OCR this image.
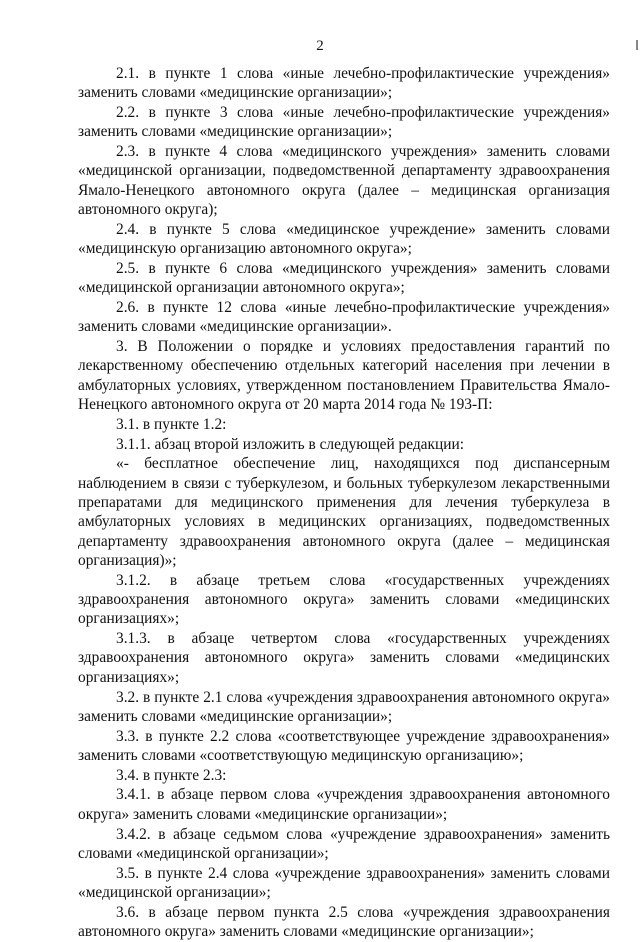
2

2.1. в пункте 1 слова «иные лечебно-профилактические учреждения» заменить словами «медицинские организации»;

2.2. в пункте 3 слова «иные лечебно-профилактические учреждения» заменить словами «медицинские организации»;

2.3. в пункте 4 слова «медицинского учреждения» заменить словами «медицинской организации, подведомственной департаменту здравоохранения Ямало-Ненецкого автономного округа (далее – медицинская организация автономного округа);

2.4. в пункте 5 слова «медицинское учреждение» заменить словами «медицинскую организацию автономного округа»;

2.5. в пункте 6 слова «медицинского учреждения» заменить словами «медицинской организации автономного округа»;

2.6. в пункте 12 слова «иные лечебно-профилактические учреждения» заменить словами «медицинские организации».

3. В Положении о порядке и условиях предоставления гарантий по лекарственному обеспечению отдельных категорий населения при лечении в амбулаторных условиях, утвержденном постановлением Правительства Ямало-Ненецкого автономного округа от 20 марта 2014 года № 193-П:

3.1. в пункте 1.2:

3.1.1. абзац второй изложить в следующей редакции:

«- бесплатное обеспечение лиц, находящихся под диспансерным наблюдением в связи с туберкулезом, и больных туберкулезом лекарственными препаратами для медицинского применения для лечения туберкулеза в амбулаторных условиях в медицинских организациях, подведомственных департаменту здравоохранения автономного округа (далее – медицинская организация)»;

3.1.2. в абзаце третьем слова «государственных учреждениях здравоохранения автономного округа» заменить словами «медицинских организациях»;

3.1.3. в абзаце четвертом слова «государственных учреждениях здравоохранения автономного округа» заменить словами «медицинских организациях»;

3.2. в пункте 2.1 слова «учреждения здравоохранения автономного округа» заменить словами «медицинские организации»;

3.3. в пункте 2.2 слова «соответствующее учреждение здравоохранения» заменить словами «соответствующую медицинскую организацию»;

3.4. в пункте 2.3:

3.4.1. в абзаце первом слова «учреждения здравоохранения автономного округа» заменить словами «медицинские организации»;

3.4.2. в абзаце седьмом слова «учреждение здравоохранения» заменить словами «медицинской организации»;

3.5. в пункте 2.4 слова «учреждение здравоохранения» заменить словами «медицинской организации»;

3.6. в абзаце первом пункта 2.5 слова «учреждения здравоохранения автономного округа» заменить словами «медицинские организации»;
